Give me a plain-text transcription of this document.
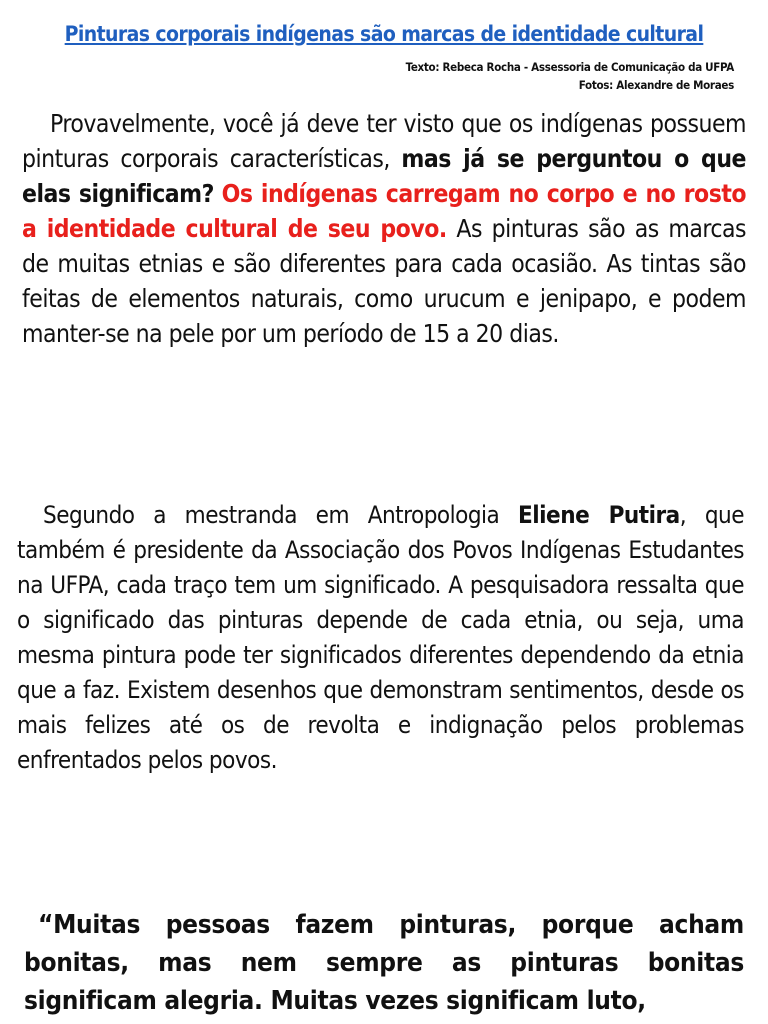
Pinturas corporais indígenas são marcas de identidade cultural
Texto: Rebeca Rocha - Assessoria de Comunicação da UFPA
Fotos: Alexandre de Moraes
Provavelmente, você já deve ter visto que os indígenas possuem pinturas corporais características, mas já se perguntou o que elas significam? Os indígenas carregam no corpo e no rosto a identidade cultural de seu povo. As pinturas são as marcas de muitas etnias e são diferentes para cada ocasião. As tintas são feitas de elementos naturais, como urucum e jenipapo, e podem manter-se na pele por um período de 15 a 20 dias.
Segundo a mestranda em Antropologia Eliene Putira, que também é presidente da Associação dos Povos Indígenas Estudantes na UFPA, cada traço tem um significado. A pesquisadora ressalta que o significado das pinturas depende de cada etnia, ou seja, uma mesma pintura pode ter significados diferentes dependendo da etnia que a faz. Existem desenhos que demonstram sentimentos, desde os mais felizes até os de revolta e indignação pelos problemas enfrentados pelos povos.
“Muitas pessoas fazem pinturas, porque acham bonitas, mas nem sempre as pinturas bonitas significam alegria. Muitas vezes significam luto,
